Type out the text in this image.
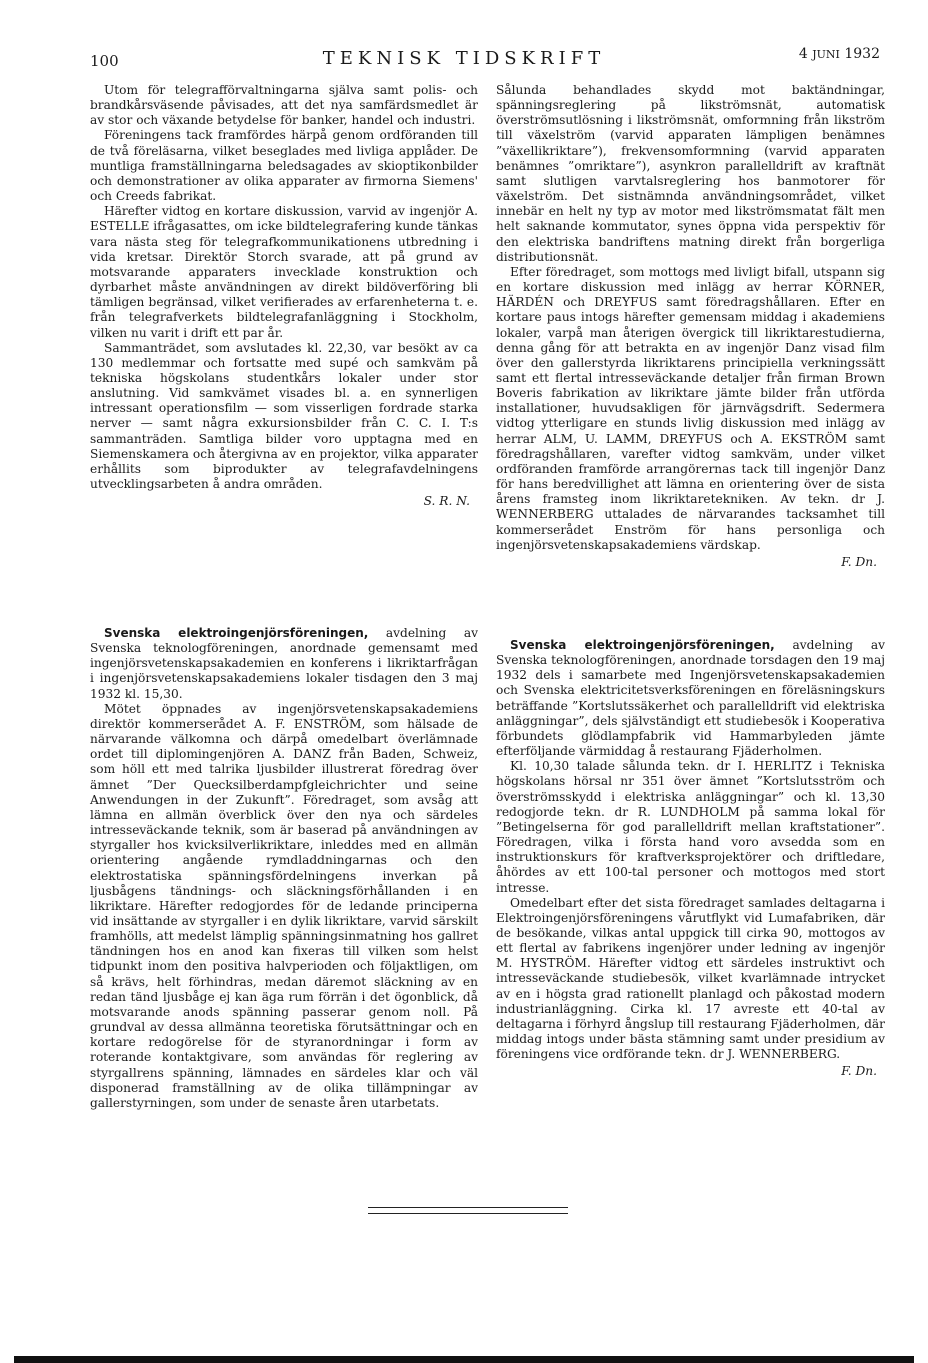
100	TEKNISK TIDSKRIFT	4 JUNI 1932

Utom för telegrafförvaltningarna själva samt polis- och brandkårsväsende påvisades, att det nya samfärdsmedlet är av stor och växande betydelse för banker, handel och industri.

Föreningens tack framfördes härpå genom ordföranden till de två föreläsarna, vilket beseglades med livliga applåder. De muntliga framställningarna beledsagades av skioptikonbilder och demonstrationer av olika apparater av firmorna Siemens' och Creeds fabrikat.

Härefter vidtog en kortare diskussion, varvid av ingenjör A. ESTELLE ifrågasattes, om icke bildtelegrafering kunde tänkas vara nästa steg för telegrafkommunikationens utbredning i vida kretsar. Direktör Storch svarade, att på grund av motsvarande apparaters invecklade konstruktion och dyrbarhet måste användningen av direkt bildöverföring bli tämligen begränsad, vilket verifierades av erfarenheterna t. e. från telegrafverkets bildtelegrafanläggning i Stockholm, vilken nu varit i drift ett par år.

Sammanträdet, som avslutades kl. 22,30, var besökt av ca 130 medlemmar och fortsatte med supé och samkväm på tekniska högskolans studentkårs lokaler under stor anslutning. Vid samkvämet visades bl. a. en synnerligen intressant operationsfilm — som visserligen fordrade starka nerver — samt några exkursionsbilder från C. C. I. T:s sammanträden. Samtliga bilder voro upptagna med en Siemenskamera och återgivna av en projektor, vilka apparater erhållits som biprodukter av telegrafavdelningens utvecklingsarbeten å andra områden.

S. R. N.

Sålunda behandlades skydd mot baktändningar, spänningsreglering på likströmsnät, automatisk överströmsutlösning i likströmsnät, omformning från likström till växelström (varvid apparaten lämpligen benämnes ”växellikriktare”), frekvensomformning (varvid apparaten benämnes ”omriktare”), asynkron parallelldrift av kraftnät samt slutligen varvtalsreglering hos banmotorer för växelström. Det sistnämnda användningsområdet, vilket innebär en helt ny typ av motor med likströmsmatat fält men helt saknande kommutator, synes öppna vida perspektiv för den elektriska bandriftens matning direkt från borgerliga distributionsnät.

Efter föredraget, som mottogs med livligt bifall, utspann sig en kortare diskussion med inlägg av herrar KÖRNER, HÄRDÉN och DREYFUS samt föredragshållaren. Efter en kortare paus intogs härefter gemensam middag i akademiens lokaler, varpå man återigen övergick till likriktarestudierna, denna gång för att betrakta en av ingenjör Danz visad film över den gallerstyrda likriktarens principiella verkningssätt samt ett flertal intresseväckande detaljer från firman Brown Boveris fabrikation av likriktare jämte bilder från utförda installationer, huvudsakligen för järnvägsdrift. Sedermera vidtog ytterligare en stunds livlig diskussion med inlägg av herrar ALM, U. LAMM, DREYFUS och A. EKSTRÖM samt föredragshållaren, varefter vidtog samkväm, under vilket ordföranden framförde arrangörernas tack till ingenjör Danz för hans beredvillighet att lämna en orientering över de sista årens framsteg inom likriktaretekniken. Av tekn. dr J. WENNERBERG uttalades de närvarandes tacksamhet till kommerserådet Enström för hans personliga och ingenjörsvetenskapsakademiens värdskap.

F. Dn.

Svenska elektroingenjörsföreningen, avdelning av Svenska teknologföreningen, anordnade gemensamt med ingenjörsvetenskapsakademien en konferens i likriktarfrågan i ingenjörsvetenskapsakademiens lokaler tisdagen den 3 maj 1932 kl. 15,30.

Mötet öppnades av ingenjörsvetenskapsakademiens direktör kommerserådet A. F. ENSTRÖM, som hälsade de närvarande välkomna och därpå omedelbart överlämnade ordet till diplomingenjören A. DANZ från Baden, Schweiz, som höll ett med talrika ljusbilder illustrerat föredrag över ämnet ”Der Quecksilberdampfgleichrichter und seine Anwendungen in der Zukunft”. Föredraget, som avsåg att lämna en allmän överblick över den nya och särdeles intresseväckande teknik, som är baserad på användningen av styrgaller hos kvicksilverlikriktare, inleddes med en allmän orientering angående rymdladdningarnas och den elektrostatiska spänningsfördelningens inverkan på ljusbågens tändnings- och släckningsförhållanden i en likriktare. Härefter redogjordes för de ledande principerna vid insättande av styrgaller i en dylik likriktare, varvid särskilt framhölls, att medelst lämplig spänningsinmatning hos gallret tändningen hos en anod kan fixeras till vilken som helst tidpunkt inom den positiva halvperioden och följaktligen, om så krävs, helt förhindras, medan däremot släckning av en redan tänd ljusbåge ej kan äga rum förrän i det ögonblick, då motsvarande anods spänning passerar genom noll. På grundval av dessa allmänna teoretiska förutsättningar och en kortare redogörelse för de styranordningar i form av roterande kontaktgivare, som användas för reglering av styrgallrens spänning, lämnades en särdeles klar och väl disponerad framställning av de olika tillämpningar av gallerstyrningen, som under de senaste åren utarbetats.

Svenska elektroingenjörsföreningen, avdelning av Svenska teknologföreningen, anordnade torsdagen den 19 maj 1932 dels i samarbete med Ingenjörsvetenskapsakademien och Svenska elektricitetsverksföreningen en föreläsningskurs beträffande ”Kortslutssäkerhet och parallelldrift vid elektriska anläggningar”, dels självständigt ett studiebesök i Kooperativa förbundets glödlampfabrik vid Hammarbyleden jämte efterföljande värmiddag å restaurang Fjäderholmen.

Kl. 10,30 talade sålunda tekn. dr I. HERLITZ i Tekniska högskolans hörsal nr 351 över ämnet ”Kortslutsström och överströmsskydd i elektriska anläggningar” och kl. 13,30 redogjorde tekn. dr R. LUNDHOLM på samma lokal för ”Betingelserna för god parallelldrift mellan kraftstationer”. Föredragen, vilka i första hand voro avsedda som en instruktionskurs för kraftverksprojektörer och driftledare, åhördes av ett 100-tal personer och mottogos med stort intresse.

Omedelbart efter det sista föredraget samlades deltagarna i Elektroingenjörsföreningens vårutflykt vid Lumafabriken, där de besökande, vilkas antal uppgick till cirka 90, mottogos av ett flertal av fabrikens ingenjörer under ledning av ingenjör M. HYSTRÖM. Härefter vidtog ett särdeles instruktivt och intresseväckande studiebesök, vilket kvarlämnade intrycket av en i högsta grad rationellt planlagd och påkostad modern industrianläggning. Cirka kl. 17 avreste ett 40-tal av deltagarna i förhyrd ångslup till restaurang Fjäderholmen, där middag intogs under bästa stämning samt under presidium av föreningens vice ordförande tekn. dr J. WENNERBERG.

F. Dn.
